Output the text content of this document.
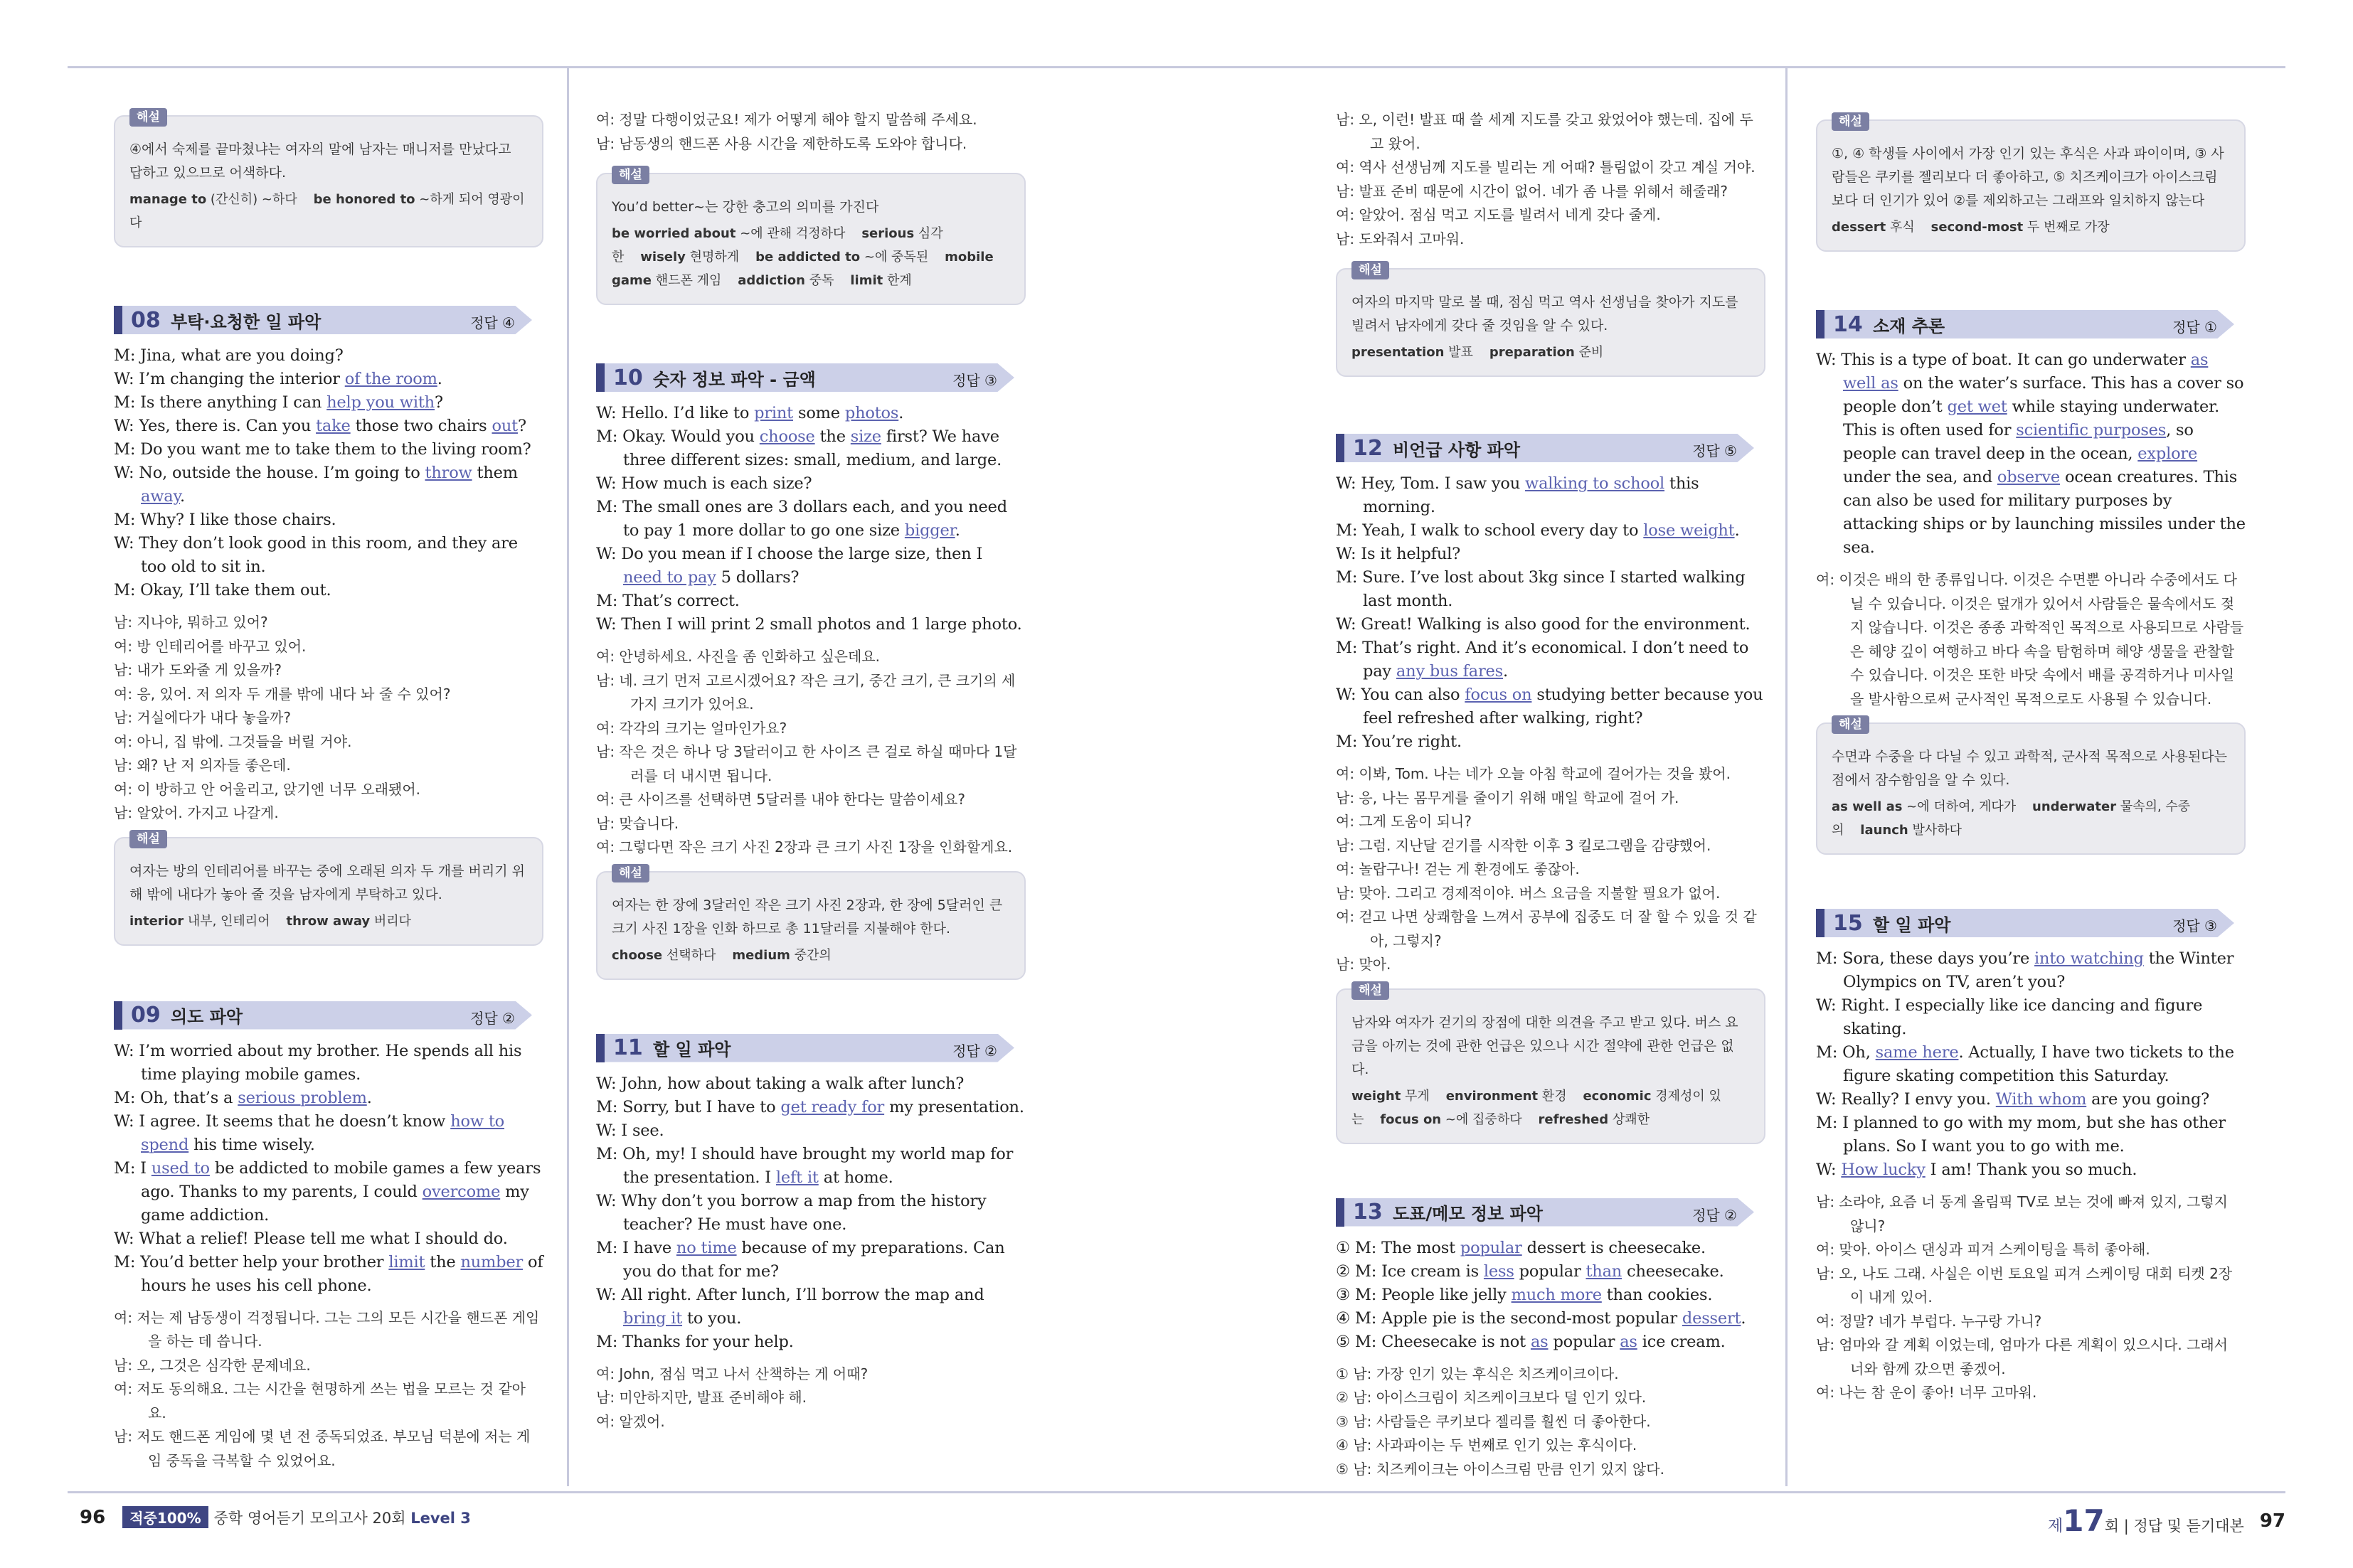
해설
④에서 숙제를 끝마쳤냐는 여자의 말에 남자는 매니저를 만났다고 답하고 있으므로 어색하다.
manage to (간신히) ~하다    be honored to ~하게 되어 영광이다
08 부탁·요청한 일 파악	정답 ④
M: Jina, what are you doing?
W: I’m changing the interior of the room.
M: Is there anything I can help you with?
W: Yes, there is. Can you take those two chairs out?
M: Do you want me to take them to the living room?
W: No, outside the house. I’m going to throw them away.
M: Why? I like those chairs.
W: They don’t look good in this room, and they are too old to sit in.
M: Okay, I’ll take them out.
남: 지나야, 뭐하고 있어?
여: 방 인테리어를 바꾸고 있어.
남: 내가 도와줄 게 있을까?
여: 응, 있어. 저 의자 두 개를 밖에 내다 놔 줄 수 있어?
남: 거실에다가 내다 놓을까?
여: 아니, 집 밖에. 그것들을 버릴 거야.
남: 왜? 난 저 의자들 좋은데.
여: 이 방하고 안 어울리고, 앉기엔 너무 오래됐어.
남: 알았어. 가지고 나갈게.
해설
여자는 방의 인테리어를 바꾸는 중에 오래된 의자 두 개를 버리기 위해 밖에 내다가 놓아 줄 것을 남자에게 부탁하고 있다.
interior 내부, 인테리어    throw away 버리다
09 의도 파악	정답 ②
W: I’m worried about my brother. He spends all his time playing mobile games.
M: Oh, that’s a serious problem.
W: I agree. It seems that he doesn’t know how to spend his time wisely.
M: I used to be addicted to mobile games a few years ago. Thanks to my parents, I could overcome my game addiction.
W: What a relief! Please tell me what I should do.
M: You’d better help your brother limit the number of hours he uses his cell phone.
여: 저는 제 남동생이 걱정됩니다. 그는 그의 모든 시간을 핸드폰 게임을 하는 데 씁니다.
남: 오, 그것은 심각한 문제네요.
여: 저도 동의해요. 그는 시간을 현명하게 쓰는 법을 모르는 것 같아요.
남: 저도 핸드폰 게임에 몇 년 전 중독되었죠. 부모님 덕분에 저는 게임 중독을 극복할 수 있었어요.
여: 정말 다행이었군요! 제가 어떻게 해야 할지 말씀해 주세요.
남: 남동생의 핸드폰 사용 시간을 제한하도록 도와야 합니다.
해설
You’d better~는 강한 충고의 의미를 가진다
be worried about ~에 관해 걱정하다    serious 심각한    wisely 현명하게    be addicted to ~에 중독된    mobile game 핸드폰 게임    addiction 중독    limit 한계
10 숫자 정보 파악 - 금액	정답 ③
W: Hello. I’d like to print some photos.
M: Okay. Would you choose the size first? We have three different sizes: small, medium, and large.
W: How much is each size?
M: The small ones are 3 dollars each, and you need to pay 1 more dollar to go one size bigger.
W: Do you mean if I choose the large size, then I need to pay 5 dollars?
M: That’s correct.
W: Then I will print 2 small photos and 1 large photo.
여: 안녕하세요. 사진을 좀 인화하고 싶은데요.
남: 네. 크기 먼저 고르시겠어요? 작은 크기, 중간 크기, 큰 크기의 세 가지 크기가 있어요.
여: 각각의 크기는 얼마인가요?
남: 작은 것은 하나 당 3달러이고 한 사이즈 큰 걸로 하실 때마다 1달러를 더 내시면 됩니다.
여: 큰 사이즈를 선택하면 5달러를 내야 한다는 말씀이세요?
남: 맞습니다.
여: 그렇다면 작은 크기 사진 2장과 큰 크기 사진 1장을 인화할게요.
해설
여자는 한 장에 3달러인 작은 크기 사진 2장과, 한 장에 5달러인 큰 크기 사진 1장을 인화 하므로 총 11달러를 지불해야 한다.
choose 선택하다    medium 중간의
11 할 일 파악	정답 ②
W: John, how about taking a walk after lunch?
M: Sorry, but I have to get ready for my presentation.
W: I see.
M: Oh, my! I should have brought my world map for the presentation. I left it at home.
W: Why don’t you borrow a map from the history teacher? He must have one.
M: I have no time because of my preparations. Can you do that for me?
W: All right. After lunch, I’ll borrow the map and bring it to you.
M: Thanks for your help.
여: John, 점심 먹고 나서 산책하는 게 어때?
남: 미안하지만, 발표 준비해야 해.
여: 알겠어.
남: 오, 이런! 발표 때 쓸 세계 지도를 갖고 왔었어야 했는데. 집에 두고 왔어.
여: 역사 선생님께 지도를 빌리는 게 어때? 틀림없이 갖고 계실 거야.
남: 발표 준비 때문에 시간이 없어. 네가 좀 나를 위해서 해줄래?
여: 알았어. 점심 먹고 지도를 빌려서 네게 갖다 줄게.
남: 도와줘서 고마워.
해설
여자의 마지막 말로 볼 때, 점심 먹고 역사 선생님을 찾아가 지도를 빌려서 남자에게 갖다 줄 것임을 알 수 있다.
presentation 발표    preparation 준비
12 비언급 사항 파악	정답 ⑤
W: Hey, Tom. I saw you walking to school this morning.
M: Yeah, I walk to school every day to lose weight.
W: Is it helpful?
M: Sure. I’ve lost about 3kg since I started walking last month.
W: Great! Walking is also good for the environment.
M: That’s right. And it’s economical. I don’t need to pay any bus fares.
W: You can also focus on studying better because you feel refreshed after walking, right?
M: You’re right.
여: 이봐, Tom. 나는 네가 오늘 아침 학교에 걸어가는 것을 봤어.
남: 응, 나는 몸무게를 줄이기 위해 매일 학교에 걸어 가.
여: 그게 도움이 되니?
남: 그럼. 지난달 걷기를 시작한 이후 3 킬로그램을 감량했어.
여: 놀랍구나! 걷는 게 환경에도 좋잖아.
남: 맞아. 그리고 경제적이야. 버스 요금을 지불할 필요가 없어.
여: 걷고 나면 상쾌함을 느껴서 공부에 집중도 더 잘 할 수 있을 것 같아, 그렇지?
남: 맞아.
해설
남자와 여자가 걷기의 장점에 대한 의견을 주고 받고 있다. 버스 요금을 아끼는 것에 관한 언급은 있으나 시간 절약에 관한 언급은 없다.
weight 무게    environment 환경    economic 경제성이 있는    focus on ~에 집중하다    refreshed 상쾌한
13 도표/메모 정보 파악	정답 ②
① M: The most popular dessert is cheesecake.
② M: Ice cream is less popular than cheesecake.
③ M: People like jelly much more than cookies.
④ M: Apple pie is the second-most popular dessert.
⑤ M: Cheesecake is not as popular as ice cream.
① 남: 가장 인기 있는 후식은 치즈케이크이다.
② 남: 아이스크림이 치즈케이크보다 덜 인기 있다.
③ 남: 사람들은 쿠키보다 젤리를 훨씬 더 좋아한다.
④ 남: 사과파이는 두 번째로 인기 있는 후식이다.
⑤ 남: 치즈케이크는 아이스크림 만큼 인기 있지 않다.
해설
①, ④ 학생들 사이에서 가장 인기 있는 후식은 사과 파이이며, ③ 사람들은 쿠키를 젤리보다 더 좋아하고, ⑤ 치즈케이크가 아이스크림보다 더 인기가 있어 ②를 제외하고는 그래프와 일치하지 않는다
dessert 후식    second-most 두 번째로 가장
14 소재 추론	정답 ①
W: This is a type of boat. It can go underwater as well as on the water’s surface. This has a cover so people don’t get wet while staying underwater. This is often used for scientific purposes, so people can travel deep in the ocean, explore under the sea, and observe ocean creatures. This can also be used for military purposes by attacking ships or by launching missiles under the sea.
여: 이것은 배의 한 종류입니다. 이것은 수면뿐 아니라 수중에서도 다닐 수 있습니다. 이것은 덮개가 있어서 사람들은 물속에서도 젖지 않습니다. 이것은 종종 과학적인 목적으로 사용되므로 사람들은 해양 깊이 여행하고 바다 속을 탐험하며 해양 생물을 관찰할 수 있습니다. 이것은 또한 바닷 속에서 배를 공격하거나 미사일을 발사함으로써 군사적인 목적으로도 사용될 수 있습니다.
해설
수면과 수중을 다 다닐 수 있고 과학적, 군사적 목적으로 사용된다는 점에서 잠수함임을 알 수 있다.
as well as ~에 더하여, 게다가    underwater 물속의, 수중의    launch 발사하다
15 할 일 파악	정답 ③
M: Sora, these days you’re into watching the Winter Olympics on TV, aren’t you?
W: Right. I especially like ice dancing and figure skating.
M: Oh, same here. Actually, I have two tickets to the figure skating competition this Saturday.
W: Really? I envy you. With whom are you going?
M: I planned to go with my mom, but she has other plans. So I want you to go with me.
W: How lucky I am! Thank you so much.
남: 소라야, 요즘 너 동계 올림픽 TV로 보는 것에 빠져 있지, 그렇지 않니?
여: 맞아. 아이스 댄싱과 피겨 스케이팅을 특히 좋아해.
남: 오, 나도 그래. 사실은 이번 토요일 피겨 스케이팅 대회 티켓 2장이 내게 있어.
여: 정말? 네가 부럽다. 누구랑 가니?
남: 엄마와 갈 계획 이었는데, 엄마가 다른 계획이 있으시다. 그래서 너와 함께 갔으면 좋겠어.
여: 나는 참 운이 좋아! 너무 고마워.
96	적중100% 중학 영어듣기 모의고사 20회 Level 3	제17회 | 정답 및 듣기대본 97
